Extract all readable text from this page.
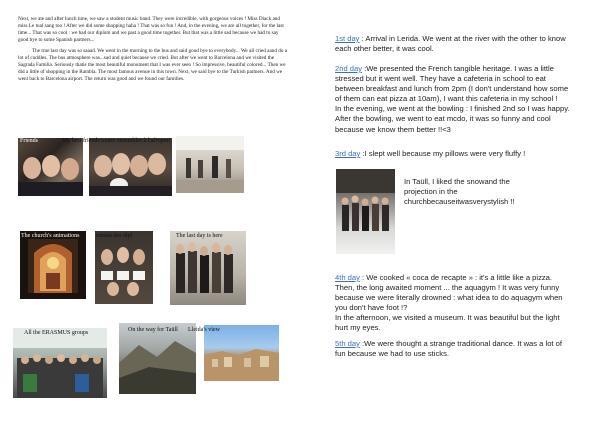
Next, we ate and after lunch time, we saw a student music band. They were incredible, with gorgeous voices ! Miss Diack and miss Le tual sang too ! After we did some shopping haha ! That was so fun ! And, in the evening, we are all together, for the last time... That was so cool : we had our diplom and we past a good time together. But that was a little sad because we had to say good bye to some Spanish partners...

The true last day was so saaad. We went in the morning to the bus and said good bye to everybody... We all cried aand do a lot of cuddles. The bus atmosphere was...sad and quiet because we cried. But after we went to Barcelona and we visited the Sagrada Familia. Seriously thatis the most beautiful monument that I was ever seen ! So impressive, beautiful colored... Then we did a little of shopping in the Rambla. The most famous avenue in this town. Next, we said bye to the Turkish partners. And we went back to Barcelona airport. The return was good and we found our families.

Friends	My best friends toutes ensembles à l'aéroport
The church's animations	remise des dipl	The last day is here
All the ERASMUS groups	On the way for Taüll Lleida's view
1st day : Arrival in Lerida. We went at the river with the other to know each other better, it was cool.
2nd day :We presented the French tangible heritage. I was a little stressed but it went well. They have a cafeteria in school to eat between breakfast and lunch from 2pm (I don't understand how some of them can eat pizza at 10am), I want this cafeteria in my school !
In the evening, we went at the bowling : I finished 2nd so I was happy. After the bowling, we went to eat mcdo, it was so funny and cool because we know them better !!<3
3rd day :I slept well because my pillows were very fluffy !
In Taüll, I liked the snowand the projection in the churchbecauseitwasverystylish !!
4th day : We cooked « coca de recapte » : it's a little like a pizza. Then, the long awaited moment ... the aquagym ! It was very funny because we were literally drowned : what idea to do aquagym when you don't have foot !?
In the afternoon, we visited a museum. It was beautiful but the light hurt my eyes.
5th day :We were thought a strange traditional dance. It was a lot of fun because we had to use sticks.
